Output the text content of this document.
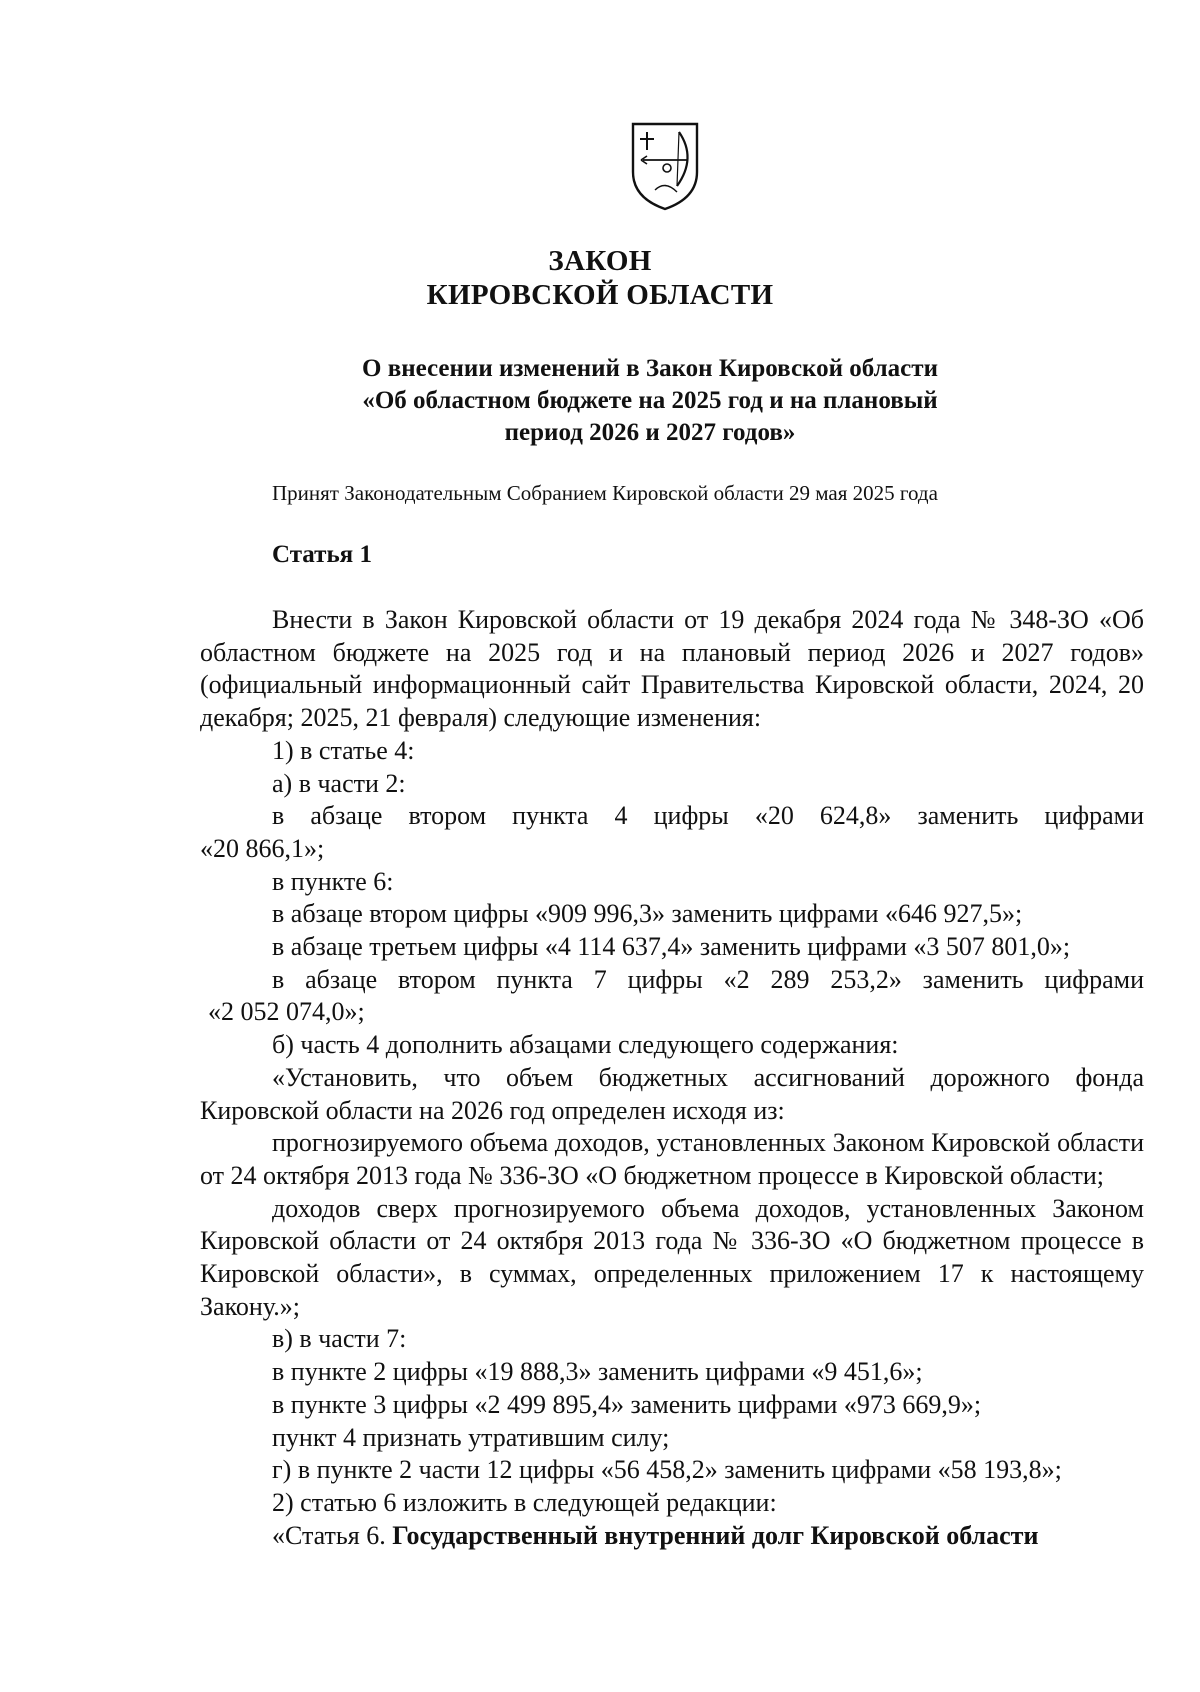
ЗАКОН
КИРОВСКОЙ ОБЛАСТИ
О внесении изменений в Закон Кировской области
«Об областном бюджете на 2025 год и на плановый
период 2026 и 2027 годов»
Принят Законодательным Собранием Кировской области 29 мая 2025 года
Статья 1

Внести в Закон Кировской области от 19 декабря 2024 года № 348-ЗО «Об областном бюджете на 2025 год и на плановый период 2026 и 2027 годов» (официальный информационный сайт Правительства Кировской области, 2024, 20 декабря; 2025, 21 февраля) следующие изменения:

1) в статье 4:

а) в части 2:

в абзаце втором пункта 4 цифры «20 624,8» заменить цифрами

«20 866,1»;

в пункте 6:

в абзаце втором цифры «909 996,3» заменить цифрами «646 927,5»;

в абзаце третьем цифры «4 114 637,4» заменить цифрами «3 507 801,0»;

в абзаце втором пункта 7 цифры «2 289 253,2» заменить цифрами

«2 052 074,0»;

б) часть 4 дополнить абзацами следующего содержания:

«Установить, что объем бюджетных ассигнований дорожного фонда Кировской области на 2026 год определен исходя из:

прогнозируемого объема доходов, установленных Законом Кировской области от 24 октября 2013 года № 336-ЗО «О бюджетном процессе в Кировской области;

доходов сверх прогнозируемого объема доходов, установленных Законом Кировской области от 24 октября 2013 года № 336-ЗО «О бюджетном процессе в Кировской области», в суммах, определенных приложением 17 к настоящему Закону.»;

в) в части 7:

в пункте 2 цифры «19 888,3» заменить цифрами «9 451,6»;

в пункте 3 цифры «2 499 895,4» заменить цифрами «973 669,9»;

пункт 4 признать утратившим силу;

г) в пункте 2 части 12 цифры «56 458,2» заменить цифрами «58 193,8»;

2) статью 6 изложить в следующей редакции:

«Статья 6. Государственный внутренний долг Кировской области
